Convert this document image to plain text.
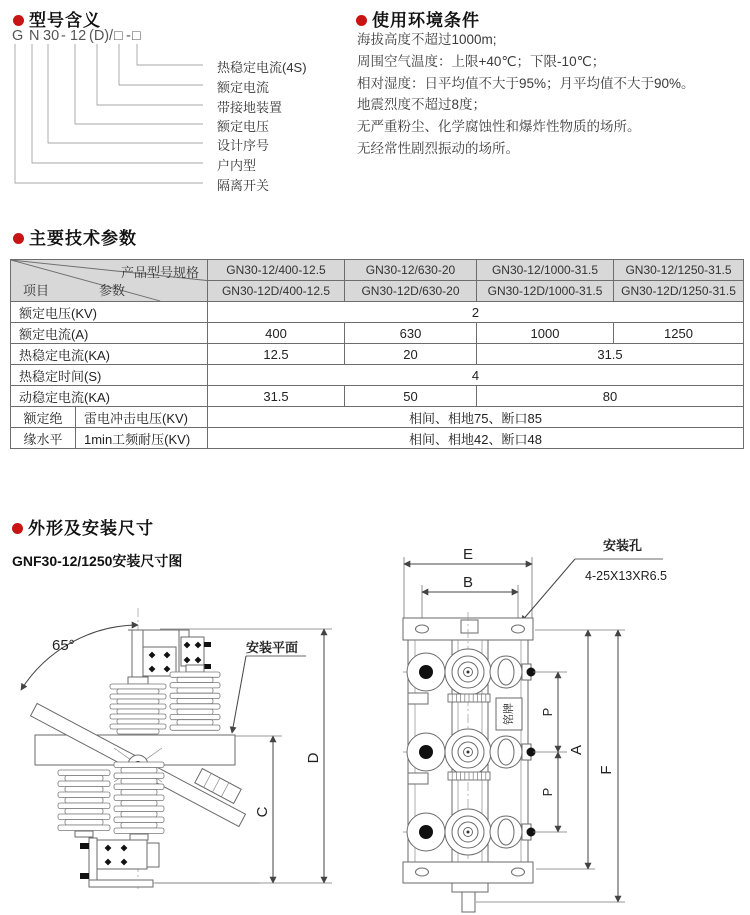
型号含义
G N 30 - 12 (D) / □ - □
热稳定电流(4S)
额定电流
带接地装置
额定电压
设计序号
户内型
隔离开关
使用环境条件
海拔高度不超过1000m;
周围空气温度：上限+40℃；下限-10℃；
相对湿度：日平均值不大于95%；月平均值不大于90%。
地震烈度不超过8度；
无严重粉尘、化学腐蚀性和爆炸性物质的场所。
无经常性剧烈振动的场所。
主要技术参数
产品型号规格
项目 参数		GN30-12/400-12.5	GN30-12/630-20	GN30-12/1000-31.5	GN30-12/1250-31.5
		GN30-12D/400-12.5	GN30-12D/630-20	GN30-12D/1000-31.5	GN30-12D/1250-31.5
额定电压(KV)		2			
额定电流(A)		400	630	1000	1250
热稳定电流(KA)		12.5	20	31.5	
热稳定时间(S)		4			
动稳定电流(KA)		31.5	50	80	
额定绝	雷电冲击电压(KV)	相间、相地75、断口85			
缘水平	1min工频耐压(KV)	相间、相地42、断口48			
外形及安装尺寸
GNF30-12/1250安装尺寸图
65°	安装平面
C
D
E
B
安装孔
4-25X13XR6.5
铭牌 P
P
A
F
